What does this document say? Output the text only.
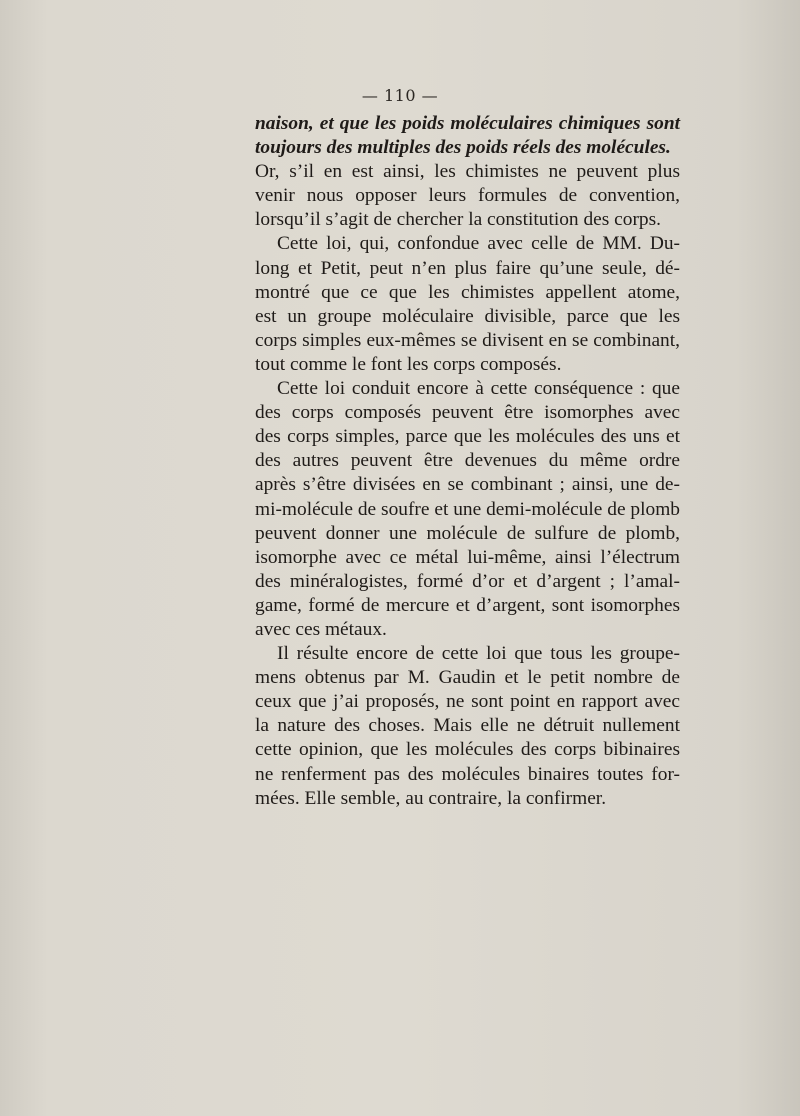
— 110 —
naison, et que les poids moléculaires chimiques sont
toujours des multiples des poids réels des molécules.
Or, s’il en est ainsi, les chimistes ne peuvent plus
venir nous opposer leurs formules de convention,
lorsqu’il s’agit de chercher la constitution des corps.
Cette loi, qui, confondue avec celle de MM. Du-
long et Petit, peut n’en plus faire qu’une seule, dé-
montré que ce que les chimistes appellent atome,
est un groupe moléculaire divisible, parce que les
corps simples eux-mêmes se divisent en se combinant,
tout comme le font les corps composés.
Cette loi conduit encore à cette conséquence : que
des corps composés peuvent être isomorphes avec
des corps simples, parce que les molécules des uns et
des autres peuvent être devenues du même ordre
après s’être divisées en se combinant ; ainsi, une de-
mi-molécule de soufre et une demi-molécule de plomb
peuvent donner une molécule de sulfure de plomb,
isomorphe avec ce métal lui-même, ainsi l’électrum
des minéralogistes, formé d’or et d’argent ; l’amal-
game, formé de mercure et d’argent, sont isomorphes
avec ces métaux.
Il résulte encore de cette loi que tous les groupe-
mens obtenus par M. Gaudin et le petit nombre de
ceux que j’ai proposés, ne sont point en rapport avec
la nature des choses. Mais elle ne détruit nullement
cette opinion, que les molécules des corps bibinaires
ne renferment pas des molécules binaires toutes for-
mées. Elle semble, au contraire, la confirmer.
